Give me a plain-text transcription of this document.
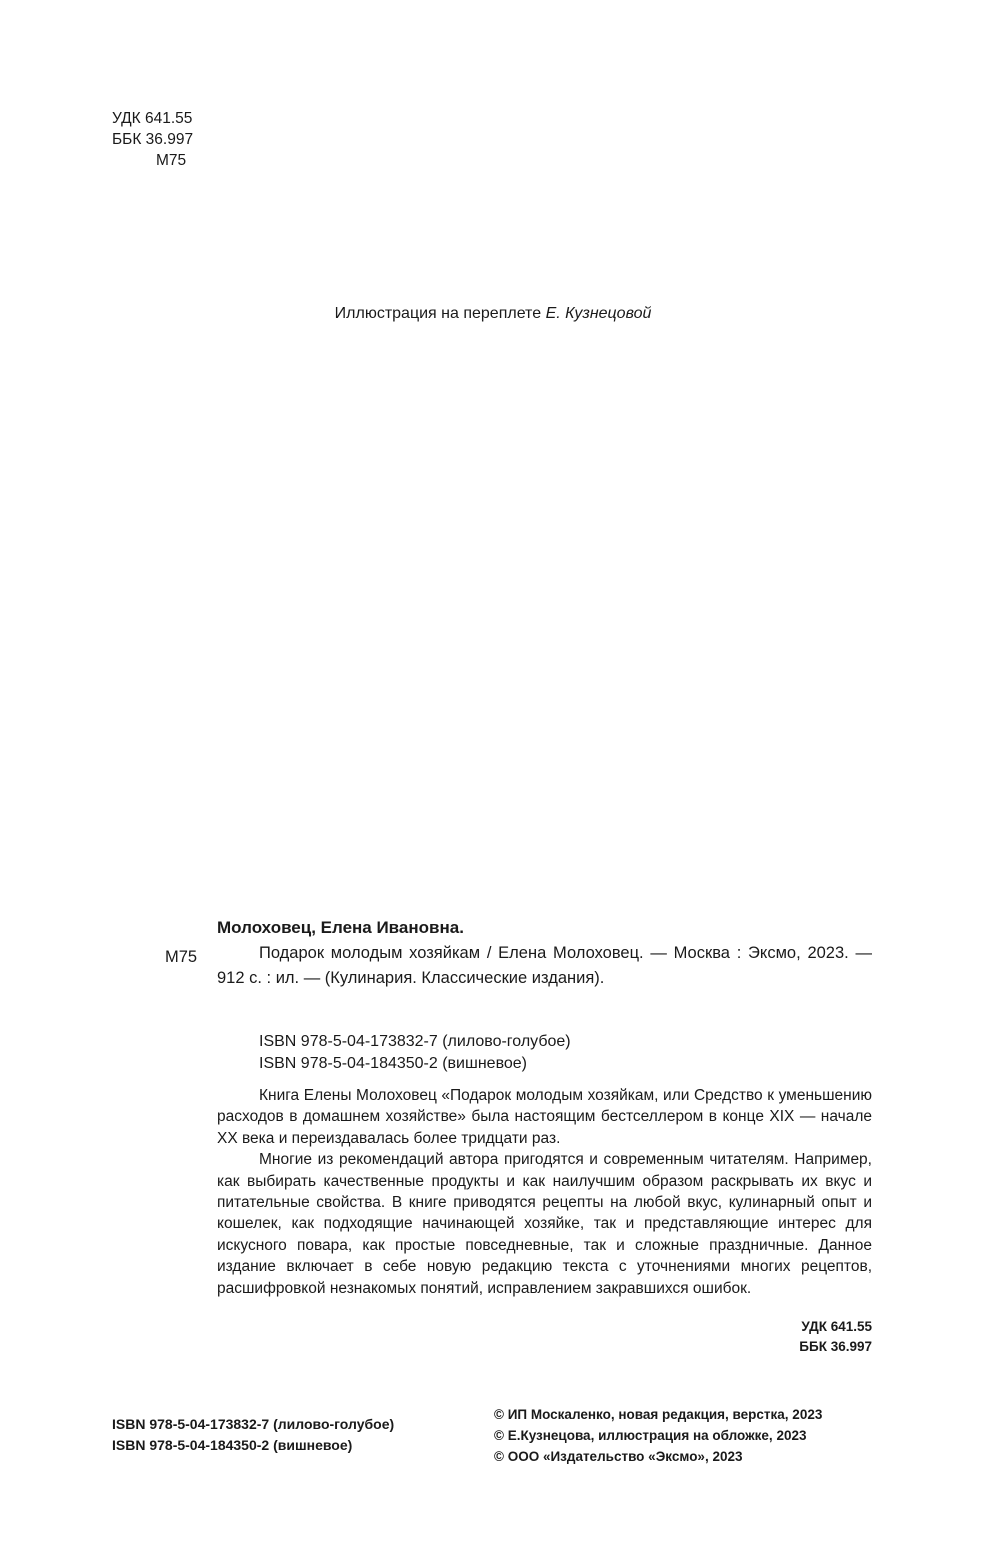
УДК 641.55
ББК 36.997
М75
Иллюстрация на переплете Е. Кузнецовой
Молоховец, Елена Ивановна.
М75	Подарок молодым хозяйкам / Елена Молоховец. — Москва : Эксмо, 2023. — 912 с. : ил. — (Кулинария. Классические издания).

ISBN 978-5-04-173832-7 (лилово-голубое)
ISBN 978-5-04-184350-2 (вишневое)

Книга Елены Молоховец «Подарок молодым хозяйкам, или Средство к уменьшению расходов в домашнем хозяйстве» была настоящим бестселлером в конце XIX — начале XX века и переиздавалась более тридцати раз.

Многие из рекомендаций автора пригодятся и современным читателям. Например, как выбирать качественные продукты и как наилучшим образом раскрывать их вкус и питательные свойства. В книге приводятся рецепты на любой вкус, кулинарный опыт и кошелек, как подходящие начинающей хозяйке, так и представляющие интерес для искусного повара, как простые повседневные, так и сложные праздничные. Данное издание включает в себе новую редакцию текста с уточнениями многих рецептов, расшифровкой незнакомых понятий, исправлением закравшихся ошибок.

УДК 641.55
ББК 36.997
ISBN 978-5-04-173832-7 (лилово-голубое)
ISBN 978-5-04-184350-2 (вишневое)
© ИП Москаленко, новая редакция, верстка, 2023
© Е.Кузнецова, иллюстрация на обложке, 2023
© ООО «Издательство «Эксмо», 2023
